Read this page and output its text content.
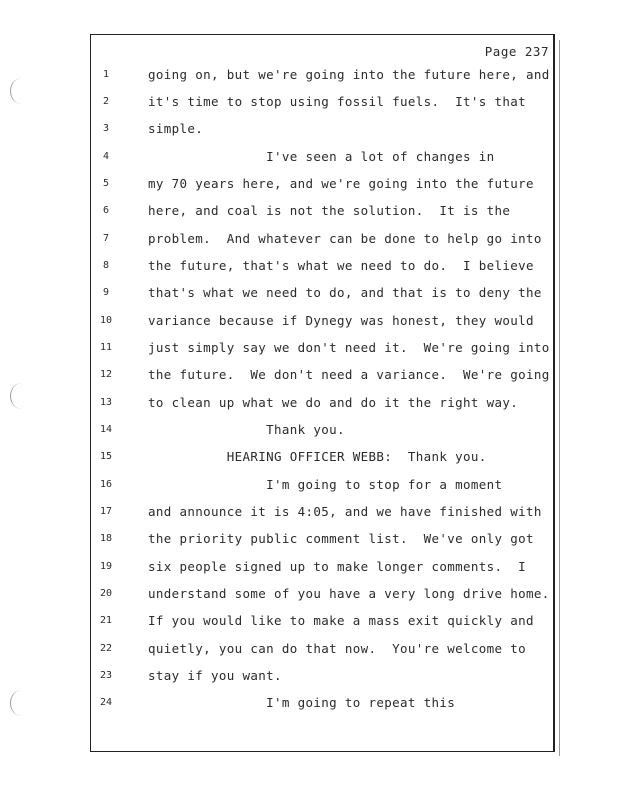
Page 237
1	going on, but we're going into the future here, and
2	it's time to stop using fossil fuels.  It's that
3	simple.
4	I've seen a lot of changes in
5	my 70 years here, and we're going into the future
6	here, and coal is not the solution.  It is the
7	problem.  And whatever can be done to help go into
8	the future, that's what we need to do.  I believe
9	that's what we need to do, and that is to deny the
10	variance because if Dynegy was honest, they would
11	just simply say we don't need it.  We're going into
12	the future.  We don't need a variance.  We're going
13	to clean up what we do and do it the right way.
14	Thank you.
15	HEARING OFFICER WEBB:  Thank you.
16	I'm going to stop for a moment
17	and announce it is 4:05, and we have finished with
18	the priority public comment list.  We've only got
19	six people signed up to make longer comments.  I
20	understand some of you have a very long drive home.
21	If you would like to make a mass exit quickly and
22	quietly, you can do that now.  You're welcome to
23	stay if you want.
24	I'm going to repeat this
